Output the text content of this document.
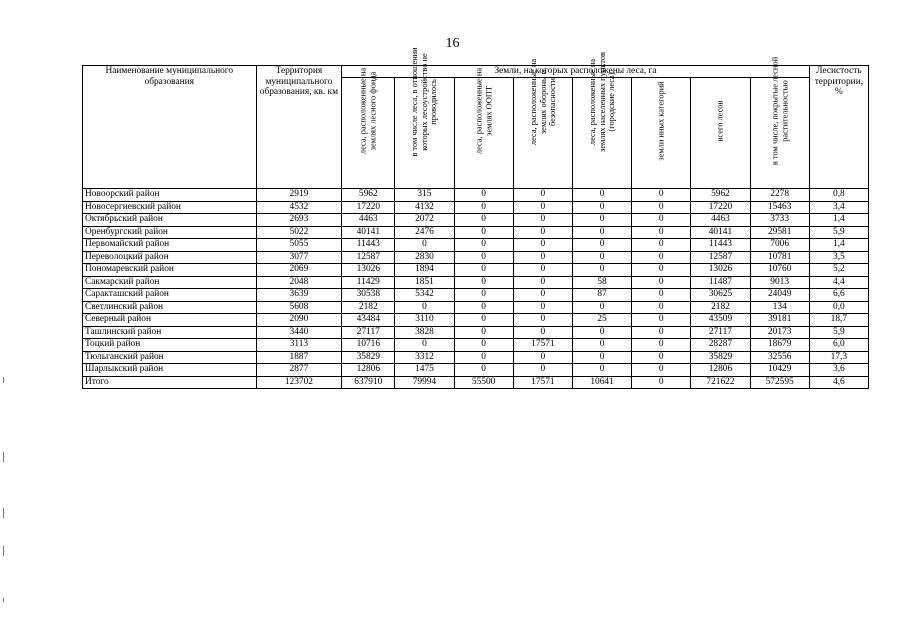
16
Наименование муниципального образования	Территория муниципального образования, кв. км	Земли, на которых расположены леса, га								Лесистость территории, %

		леса, расположенные на землях лесного фонда	в том числе леса, в отношении которых лесоустройство не проводилось	леса, расположенные на землях ООПТ	леса, расположенные на землях обороны и безопасности	леса, расположенные на землях населенных пунктов (городские леса)	земли иных категорий	всего лесов	в том числе, покрытые лесной растительностью	

Новоорский район	2919	5962	315	0	0	0	0	5962	2278	0,8
Новосергиевский район	4532	17220	4132	0	0	0	0	17220	15463	3,4
Октябрьский район	2693	4463	2072	0	0	0	0	4463	3733	1,4
Оренбургский район	5022	40141	2476	0	0	0	0	40141	29581	5,9
Первомайский район	5055	11443	0	0	0	0	0	11443	7006	1,4
Переволоцкий район	3077	12587	2830	0	0	0	0	12587	10781	3,5
Пономаревский район	2069	13026	1894	0	0	0	0	13026	10760	5,2
Сакмарский район	2048	11429	1851	0	0	58	0	11487	9013	4,4
Саракташский район	3639	30538	5342	0	0	87	0	30625	24049	6,6
Светлинский район	5608	2182	0	0	0	0	0	2182	134	0,0
Северный район	2090	43484	3110	0	0	25	0	43509	39181	18,7
Ташлинский район	3440	27117	3828	0	0	0	0	27117	20173	5,9
Тоцкий район	3113	10716	0	0	17571	0	0	28287	18679	6,0
Тюльганский район	1887	35829	3312	0	0	0	0	35829	32556	17,3
Шарлыкский район	2877	12806	1475	0	0	0	0	12806	10429	3,6
Итого	123702	637910	79994	55500	17571	10641	0	721622	572595	4,6
